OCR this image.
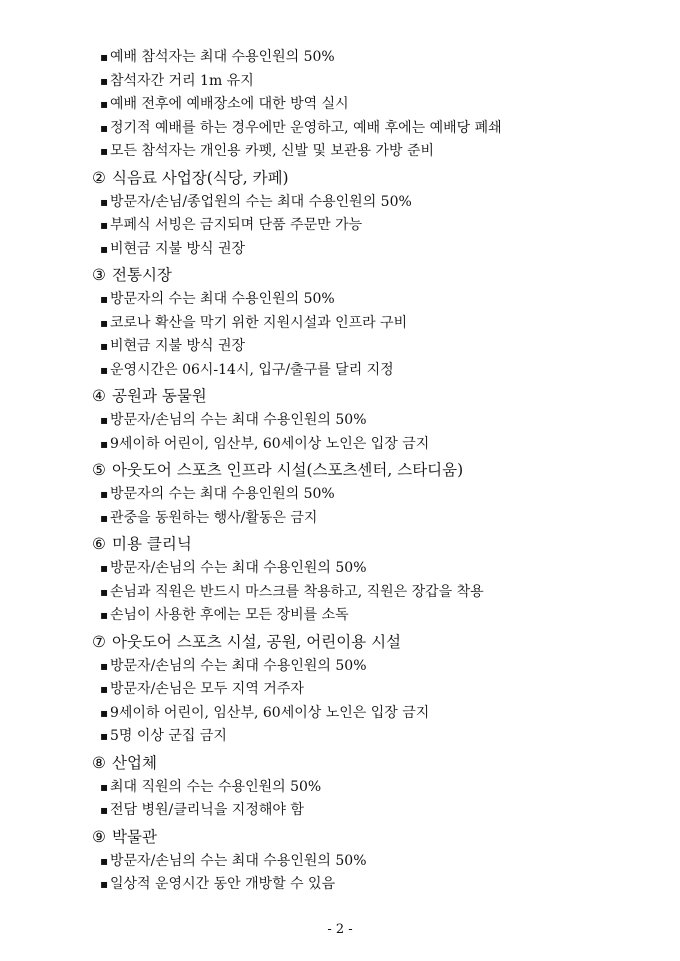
▪ 예배 참석자는 최대 수용인원의 50%
▪ 참석자간 거리 1m 유지
▪ 예배 전후에 예배장소에 대한 방역 실시
▪ 정기적 예배를 하는 경우에만 운영하고, 예배 후에는 예배당 폐쇄
▪ 모든 참석자는 개인용 카펫, 신발 및 보관용 가방 준비
② 식음료 사업장(식당, 카페)
▪ 방문자/손님/종업원의 수는 최대 수용인원의 50%
▪ 부페식 서빙은 금지되며 단품 주문만 가능
▪ 비현금 지불 방식 권장
③ 전통시장
▪ 방문자의 수는 최대 수용인원의 50%
▪ 코로나 확산을 막기 위한 지원시설과 인프라 구비
▪ 비현금 지불 방식 권장
▪ 운영시간은 06시-14시, 입구/출구를 달리 지정
④ 공원과 동물원
▪ 방문자/손님의 수는 최대 수용인원의 50%
▪ 9세이하 어린이, 임산부, 60세이상 노인은 입장 금지
⑤ 아웃도어 스포츠 인프라 시설(스포츠센터, 스타디움)
▪ 방문자의 수는 최대 수용인원의 50%
▪ 관중을 동원하는 행사/활동은 금지
⑥ 미용 클리닉
▪ 방문자/손님의 수는 최대 수용인원의 50%
▪ 손님과 직원은 반드시 마스크를 착용하고, 직원은 장갑을 착용
▪ 손님이 사용한 후에는 모든 장비를 소독
⑦ 아웃도어 스포츠 시설, 공원, 어린이용 시설
▪ 방문자/손님의 수는 최대 수용인원의 50%
▪ 방문자/손님은 모두 지역 거주자
▪ 9세이하 어린이, 임산부, 60세이상 노인은 입장 금지
▪ 5명 이상 군집 금지
⑧ 산업체
▪ 최대 직원의 수는 수용인원의 50%
▪ 전담 병원/클리닉을 지정해야 함
⑨ 박물관
▪ 방문자/손님의 수는 최대 수용인원의 50%
▪ 일상적 운영시간 동안 개방할 수 있음
- 2 -
